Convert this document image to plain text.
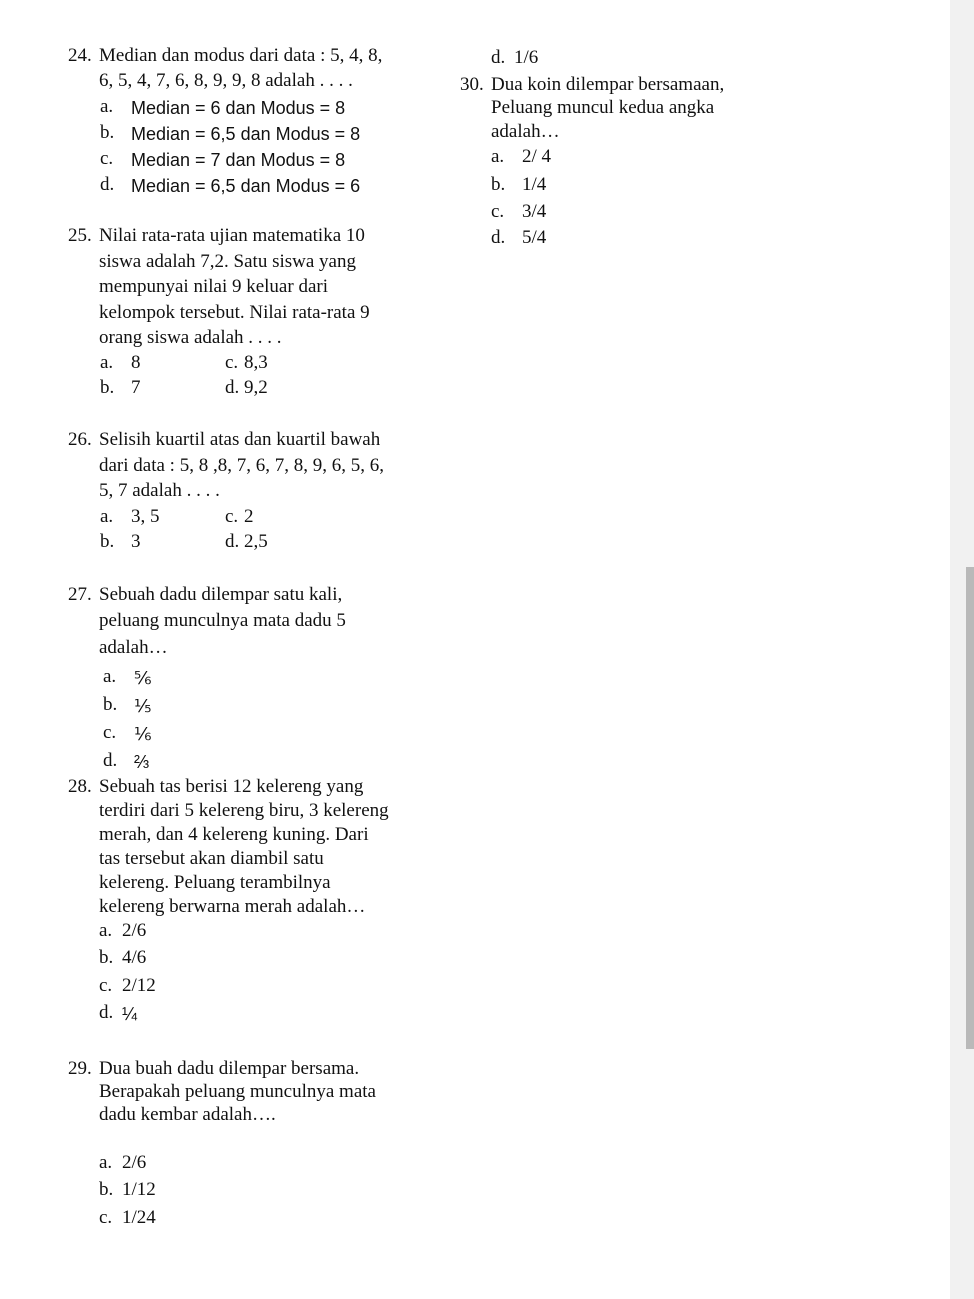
24. Median dan modus dari data : 5, 4, 8,
6, 5, 4, 7, 6, 8, 9, 9, 8 adalah . . . .
a. Median = 6 dan Modus = 8
b. Median = 6,5 dan Modus = 8
c. Median = 7 dan Modus = 8
d. Median = 6,5 dan Modus = 6
25. Nilai rata-rata ujian matematika 10
siswa adalah 7,2. Satu siswa yang
mempunyai nilai 9 keluar dari
kelompok tersebut. Nilai rata-rata 9
orang siswa adalah . . . .
a. 8	c. 8,3
b. 7	d. 9,2
26. Selisih kuartil atas dan kuartil bawah
dari data : 5, 8 ,8, 7, 6, 7, 8, 9, 6, 5, 6,
5, 7 adalah . . . .
a. 3, 5	c. 2
b. 3	d. 2,5
27. Sebuah dadu dilempar satu kali,
peluang munculnya mata dadu 5
adalah…
a. ⅚
b. ⅕
c. ⅙
d. ⅔
28. Sebuah tas berisi 12 kelereng yang
terdiri dari 5 kelereng biru, 3 kelereng
merah, dan 4 kelereng kuning. Dari
tas tersebut akan diambil satu
kelereng. Peluang terambilnya
kelereng berwarna merah adalah…
a. 2/6
b. 4/6
c. 2/12
d. ¼
29. Dua buah dadu dilempar bersama.
Berapakah peluang munculnya mata
dadu kembar adalah….
a. 2/6
b. 1/12
c. 1/24
d. 1/6
30. Dua koin dilempar bersamaan,
Peluang muncul kedua angka
adalah…
a. 2/ 4
b. 1/4
c. 3/4
d. 5/4
